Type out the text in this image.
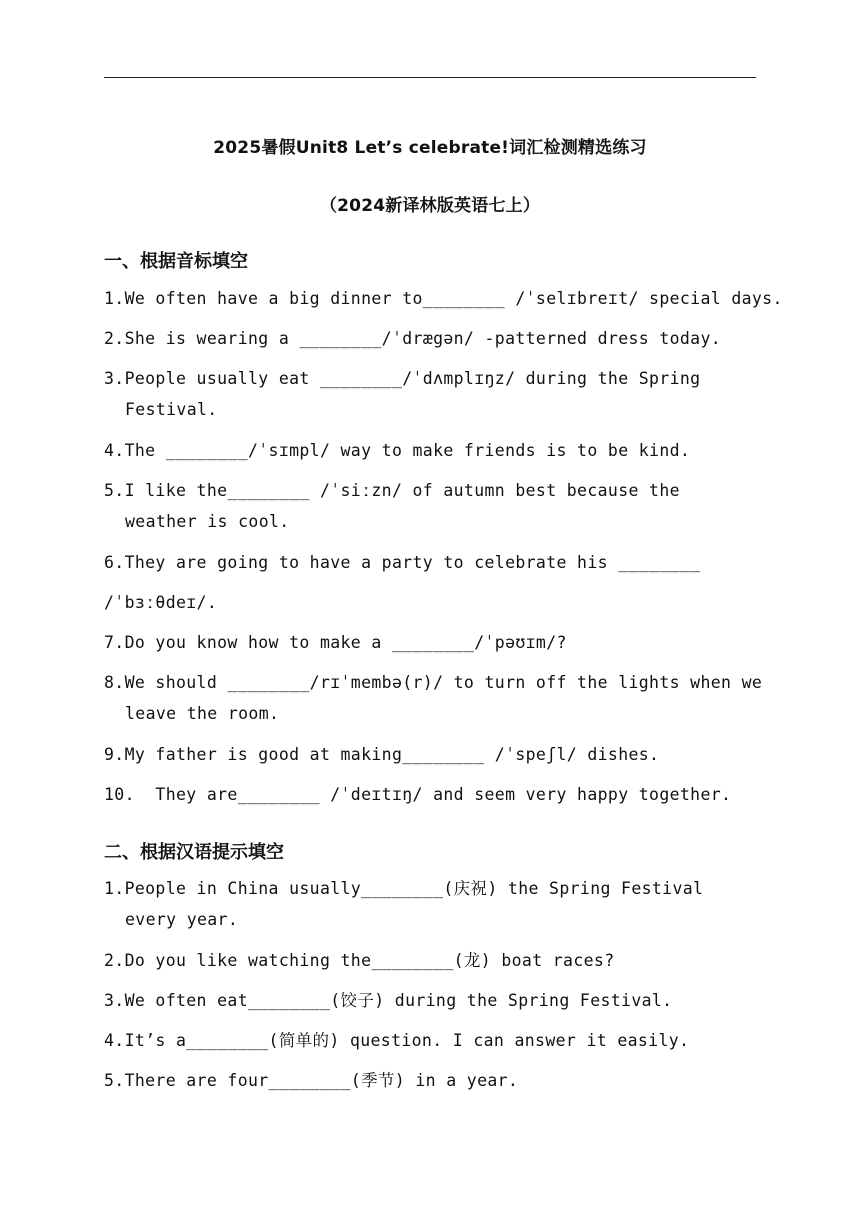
2025暑假Unit8 Let’s celebrate!词汇检测精选练习
（2024新译林版英语七上）
一、根据音标填空
1.We often have a big dinner to________ /ˈselɪbreɪt/ special days.
2.She is wearing a ________/ˈdrægən/ -patterned dress today.
3.People usually eat ________/ˈdʌmplɪŋz/ during the Spring
Festival.
4.The ________/ˈsɪmpl/ way to make friends is to be kind.
5.I like the________ /ˈsiːzn/ of autumn best because the
weather is cool.
6.They are going to have a party to celebrate his ________
/ˈbɜːθdeɪ/.
7.Do you know how to make a ________/ˈpəʊɪm/?
8.We should ________/rɪˈmembə(r)/ to turn off the lights when we
leave the room.
9.My father is good at making________ /ˈspeʃl/ dishes.
10.  They are________ /ˈdeɪtɪŋ/ and seem very happy together.
二、根据汉语提示填空
1.People in China usually________(庆祝) the Spring Festival
every year.
2.Do you like watching the________(龙) boat races?
3.We often eat________(饺子) during the Spring Festival.
4.It’s a________(简单的) question. I can answer it easily.
5.There are four________(季节) in a year.
